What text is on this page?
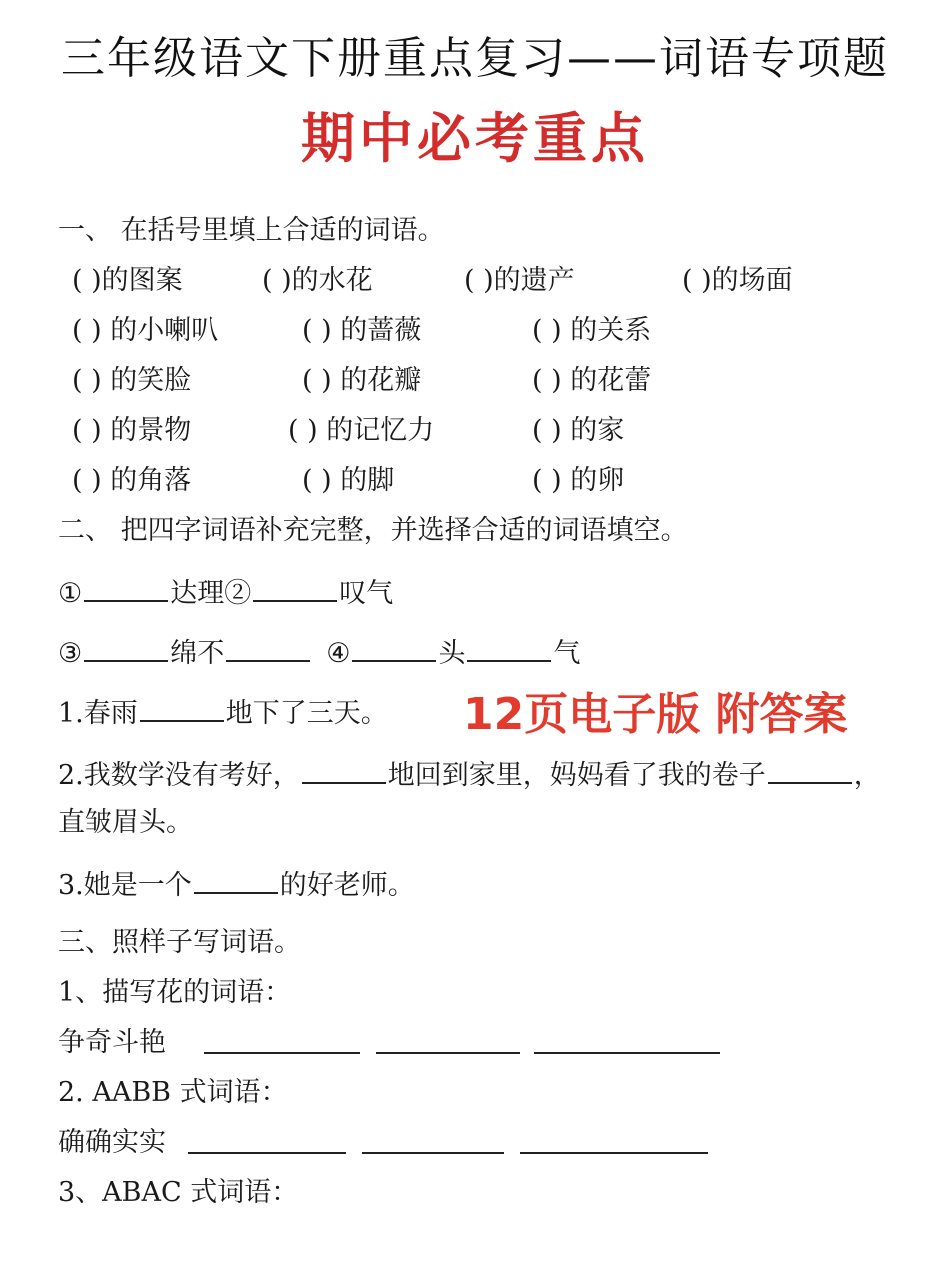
三年级语文下册重点复习——词语专项题
期中必考重点
一、 在括号里填上合适的词语。
( )的图案	( )的水花	( )的遗产	( )的场面
( ) 的小喇叭	( ) 的蔷薇	( ) 的关系
( ) 的笑脸	( ) 的花瓣	( ) 的花蕾
( ) 的景物	( ) 的记忆力	( ) 的家
( ) 的角落	( ) 的脚	( ) 的卵
二、 把四字词语补充完整，并选择合适的词语填空。
①	达理②	叹气
③	绵不	④	头	气
1.春雨	地下了三天。 12页电子版 附答案
2.我数学没有考好，	地回到家里，妈妈看了我的卷子	，
直皱眉头。
3.她是一个	的好老师。
三、照样子写词语。
1、描写花的词语：
争奇斗艳
2. AABB 式词语：
确确实实
3、ABAC 式词语：
